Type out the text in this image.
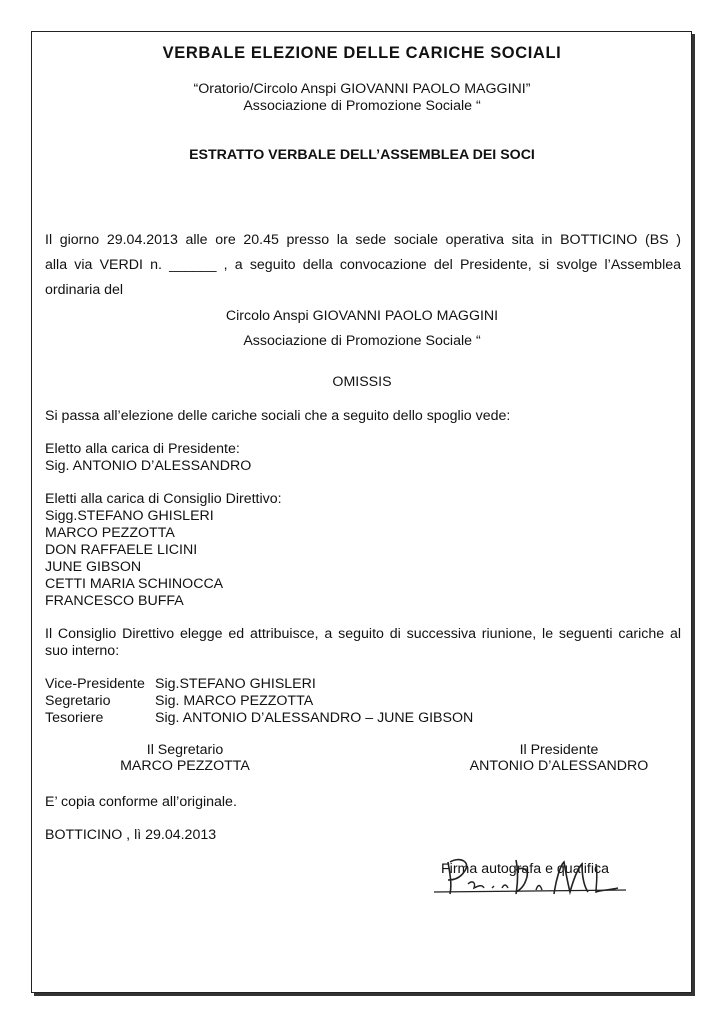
VERBALE ELEZIONE DELLE CARICHE SOCIALI
“Oratorio/Circolo Anspi GIOVANNI PAOLO MAGGINI”
Associazione di Promozione Sociale “
ESTRATTO VERBALE DELL’ASSEMBLEA DEI SOCI
Il giorno 29.04.2013 alle ore 20.45 presso la sede sociale operativa sita in BOTTICINO (BS )
alla via VERDI n. ______ , a seguito della convocazione del Presidente, si svolge l’Assemblea
ordinaria del
Circolo Anspi GIOVANNI PAOLO MAGGINI
Associazione di Promozione Sociale “
OMISSIS
Si passa all’elezione delle cariche sociali che a seguito dello spoglio vede:
Eletto alla carica di Presidente:
Sig. ANTONIO D’ALESSANDRO
Eletti alla carica di Consiglio Direttivo:
Sigg.STEFANO GHISLERI
MARCO PEZZOTTA
DON RAFFAELE LICINI
JUNE GIBSON
CETTI MARIA SCHINOCCA
FRANCESCO BUFFA
Il Consiglio Direttivo elegge ed attribuisce, a seguito di successiva riunione, le seguenti cariche al
suo interno:
Vice-Presidente Sig.STEFANO GHISLERI
Segretario	Sig. MARCO PEZZOTTA
Tesoriere	Sig. ANTONIO D’ALESSANDRO – JUNE GIBSON
Il Segretario
MARCO PEZZOTTA
Il Presidente
ANTONIO D’ALESSANDRO
E’ copia conforme all’originale.
BOTTICINO , lì 29.04.2013
Firma autografa e qualifica
